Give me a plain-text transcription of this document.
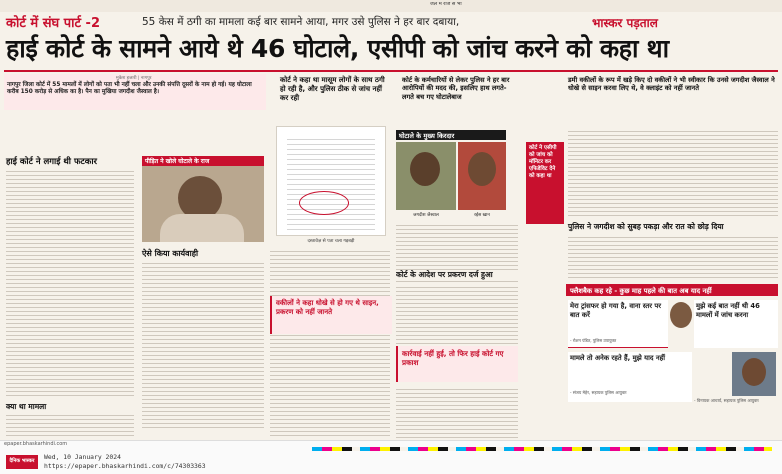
जल में राज से भी
कोर्ट में संघ पार्ट -2	55 केस में ठगी का मामला कई बार सामने आया, मगर उसे पुलिस ने हर बार दबाया,	भास्कर पड़ताल
हाई कोर्ट के सामने आये थे 46 घोटाले, एसीपी को जांच करने को कहा था
मुकेश हजारी | नागपुर
नागपुर जिला कोर्ट में 55 मामलों में लोगों को पता भी नहीं चला और उनकी संपत्ति दूसरों के नाम हो गई। यह घोटाला करीब 150 करोड़ से अधिक का है। पैन का मुखिया जगदीश जैस्वाल है।
हाई कोर्ट ने लगाई थी फटकार	पीड़ित ने खोले घोटाले के राज
ऐसे किया कार्यवाही
क्या था मामला
कोर्ट ने कहा था मासूम लोगों के साथ ठगी हो रही है, और पुलिस ठीक से जांच नहीं कर रही
दस्तावेज़ से पता चला गड़बड़ी
वकीलों ने कहा धोखे से हो गए थे साइन, प्रकरण को नहीं जानते
कोर्ट के कर्मचारियों से लेकर पुलिस ने हर बार आरोपियों की मदद की, इसलिए हाथ लगते-लगते बच गए घोटालेबाज
घोटाले के मुख्य किरदार
जगदीश जैस्वाल	रईस खान
कोर्ट के आदेश पर प्रकरण दर्ज हुआ
कार्रवाई नहीं हुई, तो फिर हाई कोर्ट गए प्रकाश
कोर्ट ने एसीपी को जांच को मॉनिटर कर एफिडेविट देने को कहा था
डमी वकीलों के रूप में खड़े किए दो वकीलों ने भी स्वीकार कि उनसे जगदीश जैस्वाल ने धोखे से साइन करवा लिए थे, वे क्लाइंट को नहीं जानते
पुलिस ने जगदीश को सुबह पकड़ा और रात को छोड़ दिया
फ्लैशबैक कह रहे - कुछ माह पहले की बात अब याद नहीं
मेरा ट्रांसफर हो गया है, वाना स्तर पर बात करें
- रोशन पंडित, पुलिस उपायुक्त
मुझे कई बात नहीं थी 46 मामलों में जांच करना
मामले तो अनेक रहते हैं, मुझे याद नहीं
- संजय मेहेर, सहायक पुलिस आयुक्त
- विनायक आचार्य, सहायक पुलिस आयुक्त
epaper.bhaskarhindi.com
दैनिक भास्कर	Wed, 10 January 2024
https://epaper.bhaskarhindi.com/c/74303363
